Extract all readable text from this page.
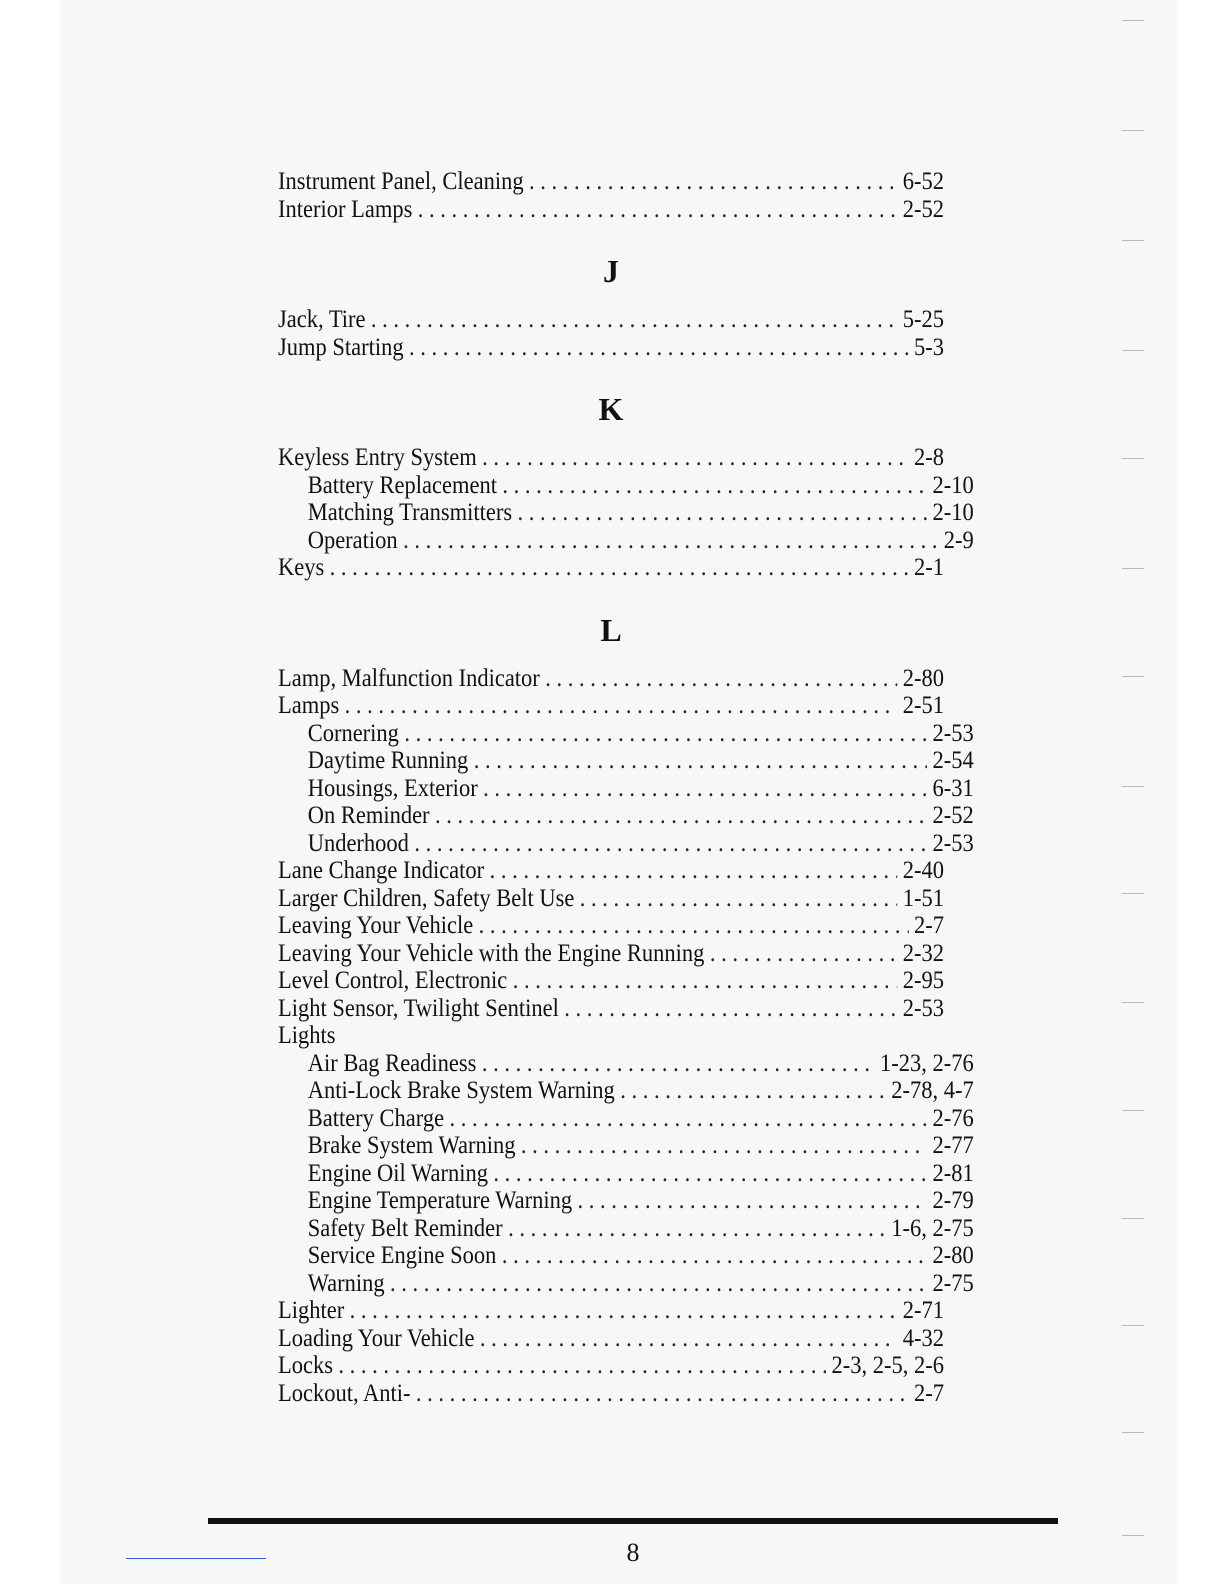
Instrument Panel, Cleaning . . .	6-52
Interior Lamps . . .	2-52
J
Jack, Tire . . .	5-25
Jump Starting . . .	5-3
K
Keyless Entry System . . .	2-8
Battery Replacement . . .	2-10
Matching Transmitters . . .	2-10
Operation . . .	2-9
Keys . . .	2-1
L
Lamp, Malfunction Indicator . . .	2-80
Lamps . . .	2-51
Cornering . . .	2-53
Daytime Running . . .	2-54
Housings, Exterior . . .	6-31
On Reminder . . .	2-52
Underhood . . .	2-53
Lane Change Indicator . . .	2-40
Larger Children, Safety Belt Use . . .	1-51
Leaving Your Vehicle . . .	2-7
Leaving Your Vehicle with the Engine Running . . .	2-32
Level Control, Electronic . . .	2-95
Light Sensor, Twilight Sentinel . . .	2-53
Lights
Air Bag Readiness . . .	1-23, 2-76
Anti-Lock Brake System Warning . . .	2-78, 4-7
Battery Charge . . .	2-76
Brake System Warning . . .	2-77
Engine Oil Warning . . .	2-81
Engine Temperature Warning . . .	2-79
Safety Belt Reminder . . .	1-6, 2-75
Service Engine Soon . . .	2-80
Warning . . .	2-75
Lighter . . .	2-71
Loading Your Vehicle . . .	4-32
Locks . . .	2-3, 2-5, 2-6
Lockout, Anti- . . .	2-7
8
